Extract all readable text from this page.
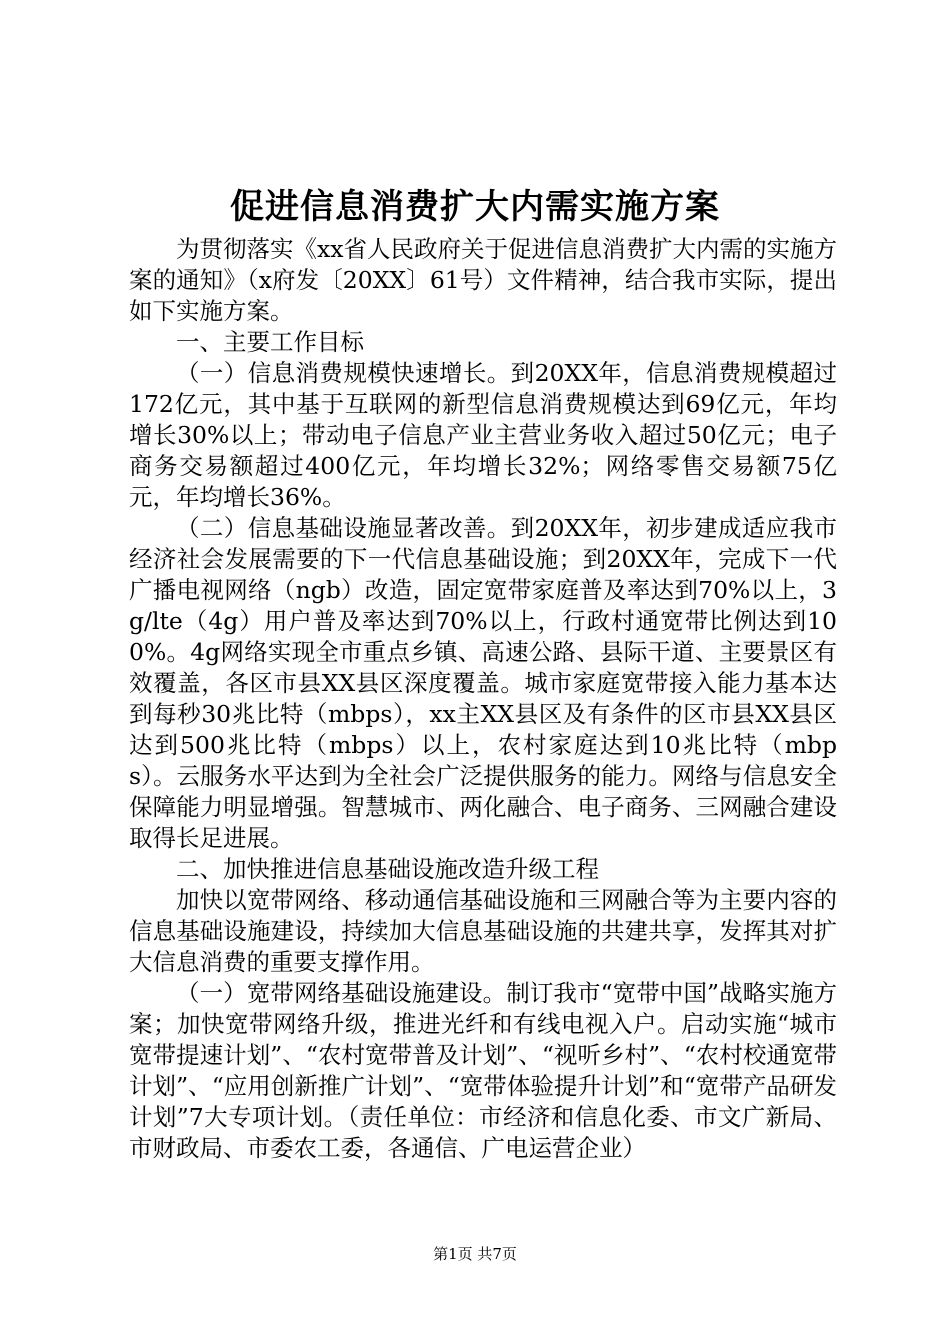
促进信息消费扩大内需实施方案

为贯彻落实《xx省人民政府关于促进信息消费扩大内需的实施方案的通知》（x府发〔20XX〕61号）文件精神，结合我市实际，提出如下实施方案。

一、主要工作目标

（一）信息消费规模快速增长。到20XX年，信息消费规模超过172亿元，其中基于互联网的新型信息消费规模达到69亿元，年均增长30%以上；带动电子信息产业主营业务收入超过50亿元；电子商务交易额超过400亿元，年均增长32%；网络零售交易额75亿元，年均增长36%。

（二）信息基础设施显著改善。到20XX年，初步建成适应我市经济社会发展需要的下一代信息基础设施；到20XX年，完成下一代广播电视网络（ngb）改造，固定宽带家庭普及率达到70%以上，3g/lte（4g）用户普及率达到70%以上，行政村通宽带比例达到100%。4g网络实现全市重点乡镇、高速公路、县际干道、主要景区有效覆盖，各区市县XX县区深度覆盖。城市家庭宽带接入能力基本达到每秒30兆比特（mbps），xx主XX县区及有条件的区市县XX县区达到500兆比特（mbps）以上，农村家庭达到10兆比特（mbps）。云服务水平达到为全社会广泛提供服务的能力。网络与信息安全保障能力明显增强。智慧城市、两化融合、电子商务、三网融合建设取得长足进展。

二、加快推进信息基础设施改造升级工程

加快以宽带网络、移动通信基础设施和三网融合等为主要内容的信息基础设施建设，持续加大信息基础设施的共建共享，发挥其对扩大信息消费的重要支撑作用。

（一）宽带网络基础设施建设。制订我市“宽带中国”战略实施方案；加快宽带网络升级，推进光纤和有线电视入户。启动实施“城市宽带提速计划”、“农村宽带普及计划”、“视听乡村”、“农村校通宽带计划”、“应用创新推广计划”、“宽带体验提升计划”和“宽带产品研发计划”7大专项计划。（责任单位：市经济和信息化委、市文广新局、市财政局、市委农工委，各通信、广电运营企业）

第1页 共7页
